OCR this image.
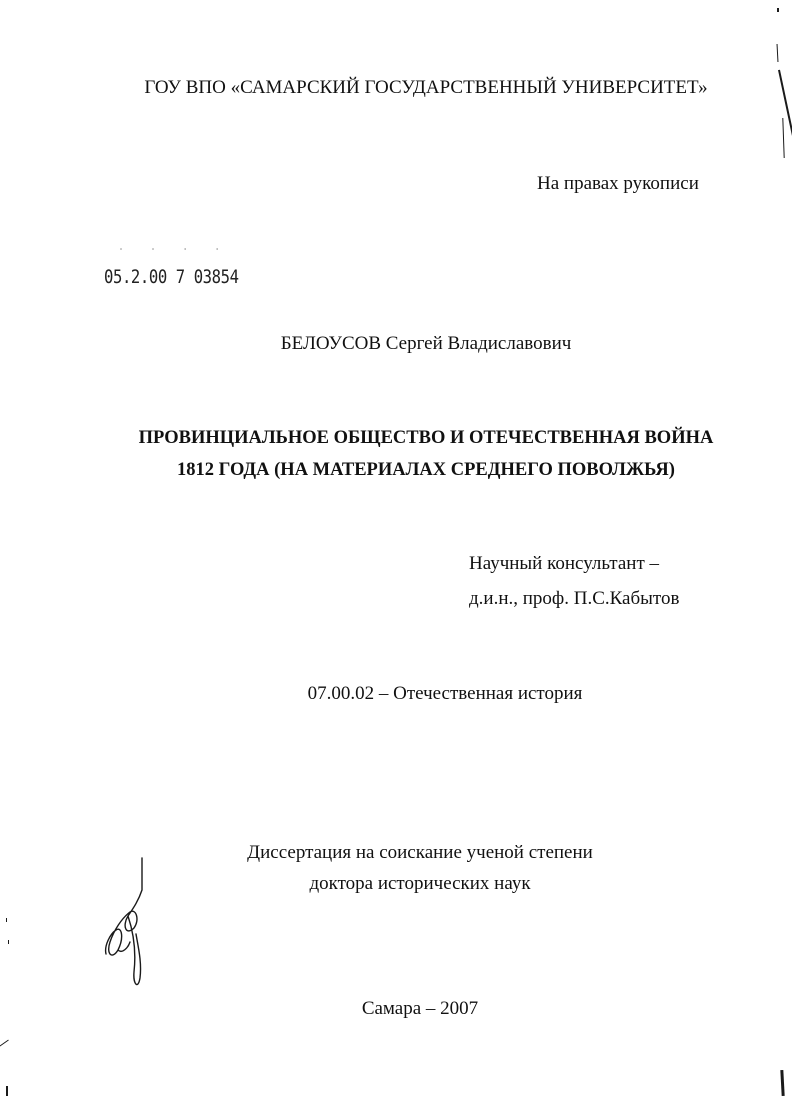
ГОУ ВПО «САМАРСКИЙ ГОСУДАРСТВЕННЫЙ УНИВЕРСИТЕТ»
На правах рукописи
˙ ˙ ˙ ˙
05.2.00 7 03854
БЕЛОУСОВ Сергей Владиславович
ПРОВИНЦИАЛЬНОЕ ОБЩЕСТВО И ОТЕЧЕСТВЕННАЯ ВОЙНА
1812 ГОДА (НА МАТЕРИАЛАХ СРЕДНЕГО ПОВОЛЖЬЯ)
Научный консультант –
д.и.н., проф. П.С.Кабытов
07.00.02 – Отечественная история
Диссертация на соискание ученой степени
доктора исторических наук
Самара – 2007
